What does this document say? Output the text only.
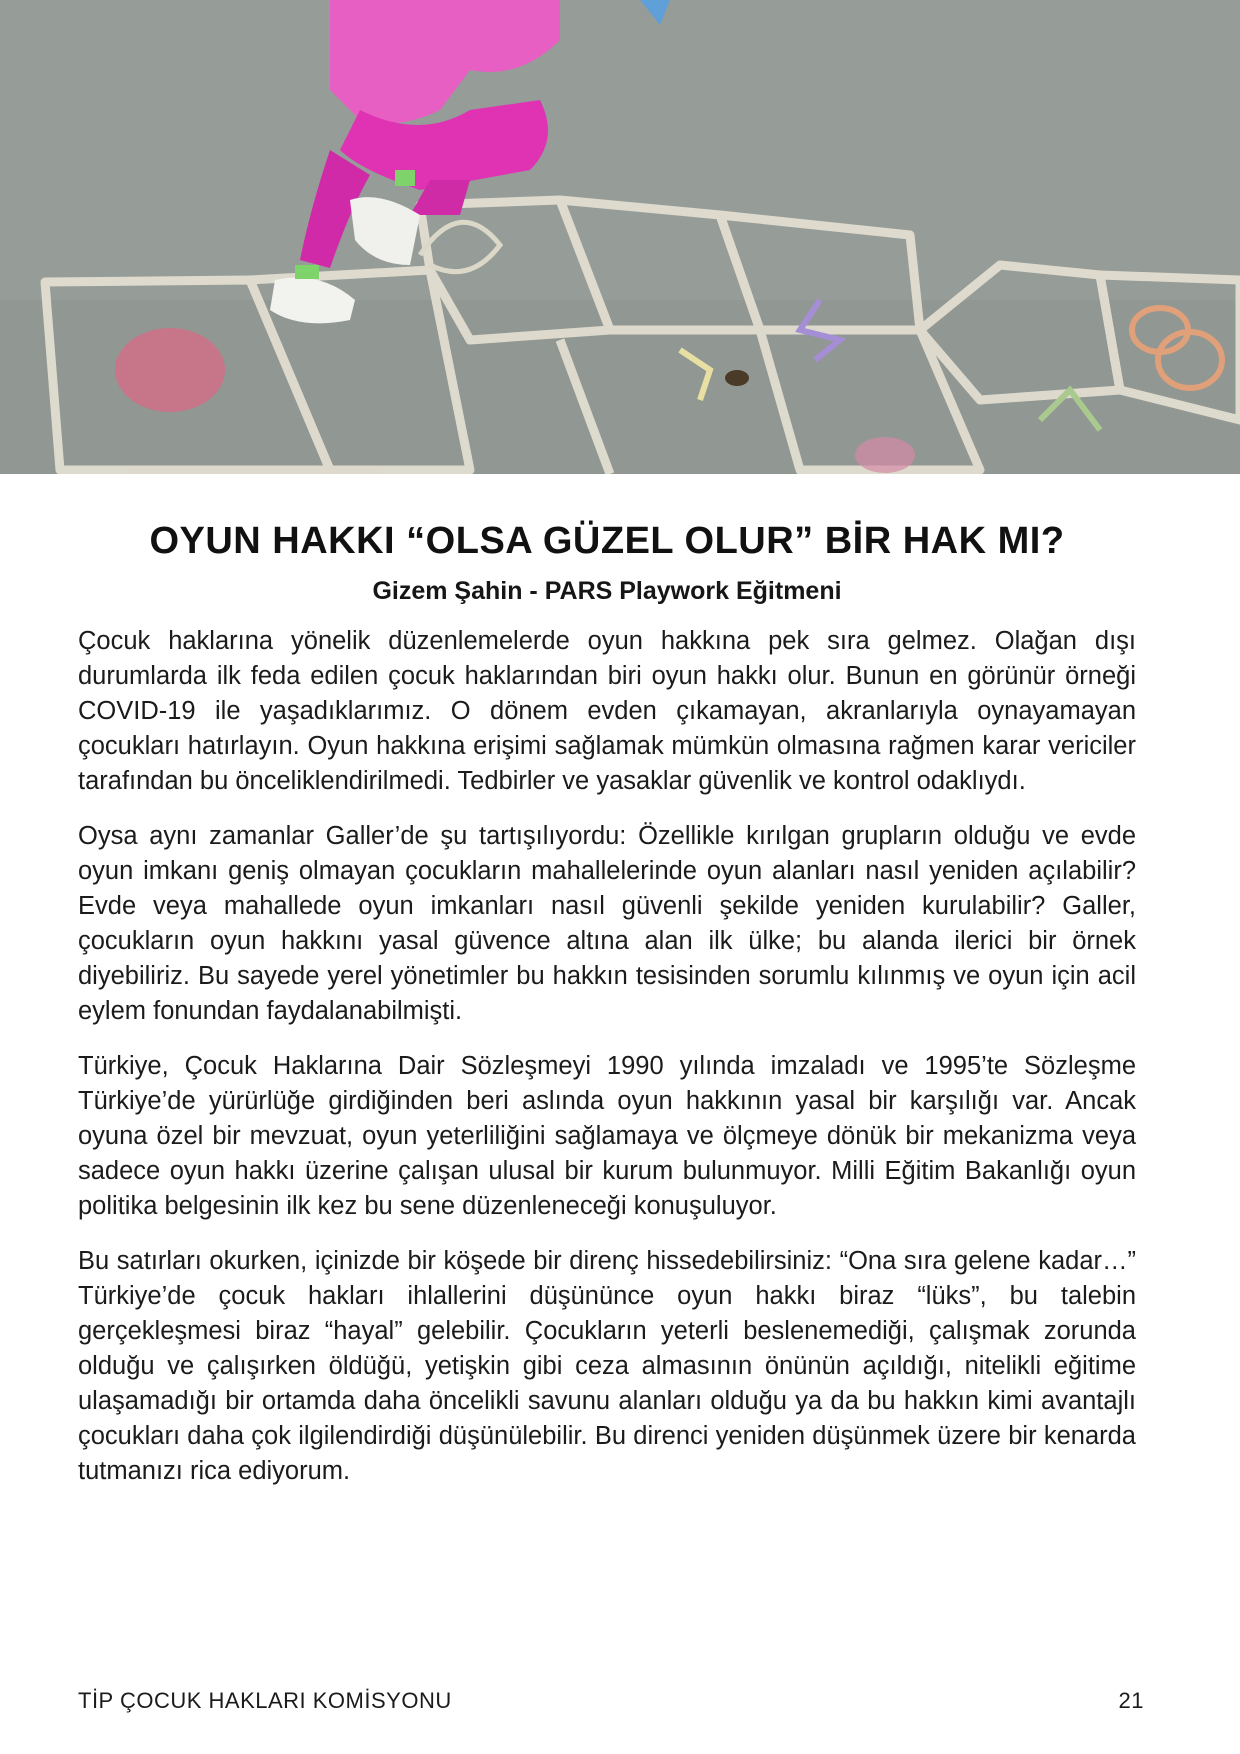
OYUN HAKKI “OLSA GÜZEL OLUR” BİR HAK MI?
Gizem Şahin - PARS Playwork Eğitmeni

Çocuk haklarına yönelik düzenlemelerde oyun hakkına pek sıra gelmez. Olağan dışı durumlarda ilk feda edilen çocuk haklarından biri oyun hakkı olur. Bunun en görünür örneği COVID-19 ile yaşadıklarımız. O dönem evden çıkamayan, akranlarıyla oynayamayan çocukları hatırlayın. Oyun hakkına erişimi sağlamak mümkün olmasına rağmen karar vericiler tarafından bu önceliklendirilmedi. Tedbirler ve yasaklar güvenlik ve kontrol odaklıydı.

Oysa aynı zamanlar Galler’de şu tartışılıyordu: Özellikle kırılgan grupların olduğu ve evde oyun imkanı geniş olmayan çocukların mahallelerinde oyun alanları nasıl yeniden açılabilir? Evde veya mahallede oyun imkanları nasıl güvenli şekilde yeniden kurulabilir? Galler, çocukların oyun hakkını yasal güvence altına alan ilk ülke; bu alanda ilerici bir örnek diyebiliriz. Bu sayede yerel yönetimler bu hakkın tesisinden sorumlu kılınmış ve oyun için acil eylem fonundan faydalanabilmişti.

Türkiye, Çocuk Haklarına Dair Sözleşmeyi 1990 yılında imzaladı ve 1995’te Sözleşme Türkiye’de yürürlüğe girdiğinden beri aslında oyun hakkının yasal bir karşılığı var. Ancak oyuna özel bir mevzuat, oyun yeterliliğini sağlamaya ve ölçmeye dönük bir mekanizma veya sadece oyun hakkı üzerine çalışan ulusal bir kurum bulunmuyor. Milli Eğitim Bakanlığı oyun politika belgesinin ilk kez bu sene düzenleneceği konuşuluyor.

Bu satırları okurken, içinizde bir köşede bir direnç hissedebilirsiniz: “Ona sıra gelene kadar…” Türkiye’de çocuk hakları ihlallerini düşününce oyun hakkı biraz “lüks”, bu talebin gerçekleşmesi biraz “hayal” gelebilir. Çocukların yeterli beslenemediği, çalışmak zorunda olduğu ve çalışırken öldüğü, yetişkin gibi ceza almasının önünün açıldığı, nitelikli eğitime ulaşamadığı bir ortamda daha öncelikli savunu alanları olduğu ya da bu hakkın kimi avantajlı çocukları daha çok ilgilendirdiği düşünülebilir. Bu direnci yeniden düşünmek üzere bir kenarda tutmanızı rica ediyorum.

TİP ÇOCUK HAKLARI KOMİSYONU	21
